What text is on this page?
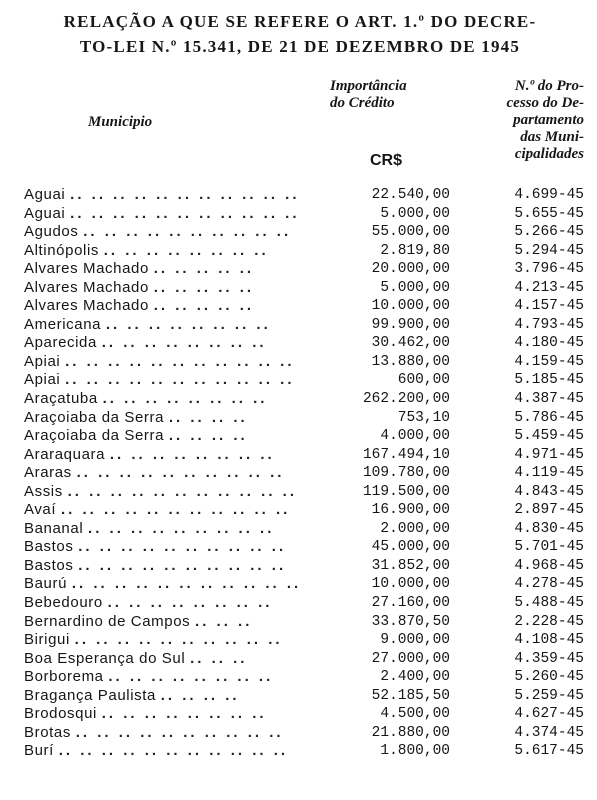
RELAÇÃO A QUE SE REFERE O ART. 1.º DO DECRE-
TO-LEI N.º 15.341, DE 21 DE DEZEMBRO DE 1945
Municipio
Importância
do Crédito
CR$
N.º do Pro-
cesso do De-
partamento
das Muni-
cipalidades
Aguai .. .. .. .. .. .. .. .. .. .. ..	22.540,00	4.699-45
Aguai .. .. .. .. .. .. .. .. .. .. ..	5.000,00	5.655-45
Agudos .. .. .. .. .. .. .. .. .. ..	55.000,00	5.266-45
Altinópolis .. .. .. .. .. .. .. ..	2.819,80	5.294-45
Alvares Machado .. .. .. .. ..	20.000,00	3.796-45
Alvares Machado .. .. .. .. ..	5.000,00	4.213-45
Alvares Machado .. .. .. .. ..	10.000,00	4.157-45
Americana .. .. .. .. .. .. .. ..	99.900,00	4.793-45
Aparecida .. .. .. .. .. .. .. ..	30.462,00	4.180-45
Apiai .. .. .. .. .. .. .. .. .. .. ..	13.880,00	4.159-45
Apiai .. .. .. .. .. .. .. .. .. .. ..	600,00	5.185-45
Araçatuba .. .. .. .. .. .. .. ..	262.200,00	4.387-45
Araçoiaba da Serra .. .. .. ..	753,10	5.786-45
Araçoiaba da Serra .. .. .. ..	4.000,00	5.459-45
Araraquara .. .. .. .. .. .. .. ..	167.494,10	4.971-45
Araras .. .. .. .. .. .. .. .. .. ..	109.780,00	4.119-45
Assis .. .. .. .. .. .. .. .. .. .. ..	119.500,00	4.843-45
Avaí .. .. .. .. .. .. .. .. .. .. ..	16.900,00	2.897-45
Bananal .. .. .. .. .. .. .. .. ..	2.000,00	4.830-45
Bastos .. .. .. .. .. .. .. .. .. ..	45.000,00	5.701-45
Bastos .. .. .. .. .. .. .. .. .. ..	31.852,00	4.968-45
Baurú .. .. .. .. .. .. .. .. .. .. ..	10.000,00	4.278-45
Bebedouro .. .. .. .. .. .. .. ..	27.160,00	5.488-45
Bernardino de Campos .. .. ..	33.870,50	2.228-45
Birigui .. .. .. .. .. .. .. .. .. ..	9.000,00	4.108-45
Boa Esperança do Sul .. .. ..	27.000,00	4.359-45
Borborema .. .. .. .. .. .. .. ..	2.400,00	5.260-45
Bragança Paulista .. .. .. ..	52.185,50	5.259-45
Brodosqui .. .. .. .. .. .. .. ..	4.500,00	4.627-45
Brotas .. .. .. .. .. .. .. .. .. ..	21.880,00	4.374-45
Burí .. .. .. .. .. .. .. .. .. .. ..	1.800,00	5.617-45
